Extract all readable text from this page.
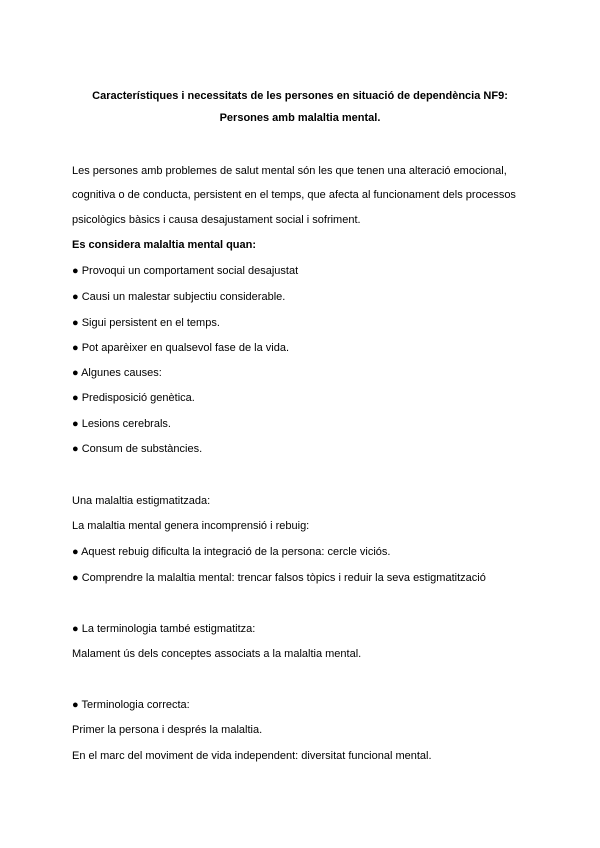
Característiques i necessitats de les persones en situació de dependència NF9:
Persones amb malaltia mental.
Les persones amb problemes de salut mental són les que tenen una alteració emocional,
cognitiva o de conducta, persistent en el temps, que afecta al funcionament dels processos
psicològics bàsics i causa desajustament social i sofriment.
Es considera malaltia mental quan:
● Provoqui un comportament social desajustat
● Causi un malestar subjectiu considerable.
● Sigui persistent en el temps.
● Pot aparèixer en qualsevol fase de la vida.
● Algunes causes:
● Predisposició genètica.
● Lesions cerebrals.
● Consum de substàncies.
Una malaltia estigmatitzada:
La malaltia mental genera incomprensió i rebuig:
● Aquest rebuig dificulta la integració de la persona: cercle viciós.
● Comprendre la malaltia mental: trencar falsos tòpics i reduir la seva estigmatització
● La terminologia també estigmatitza:
Malament ús dels conceptes associats a la malaltia mental.
● Terminologia correcta:
Primer la persona i després la malaltia.
En el marc del moviment de vida independent: diversitat funcional mental.
